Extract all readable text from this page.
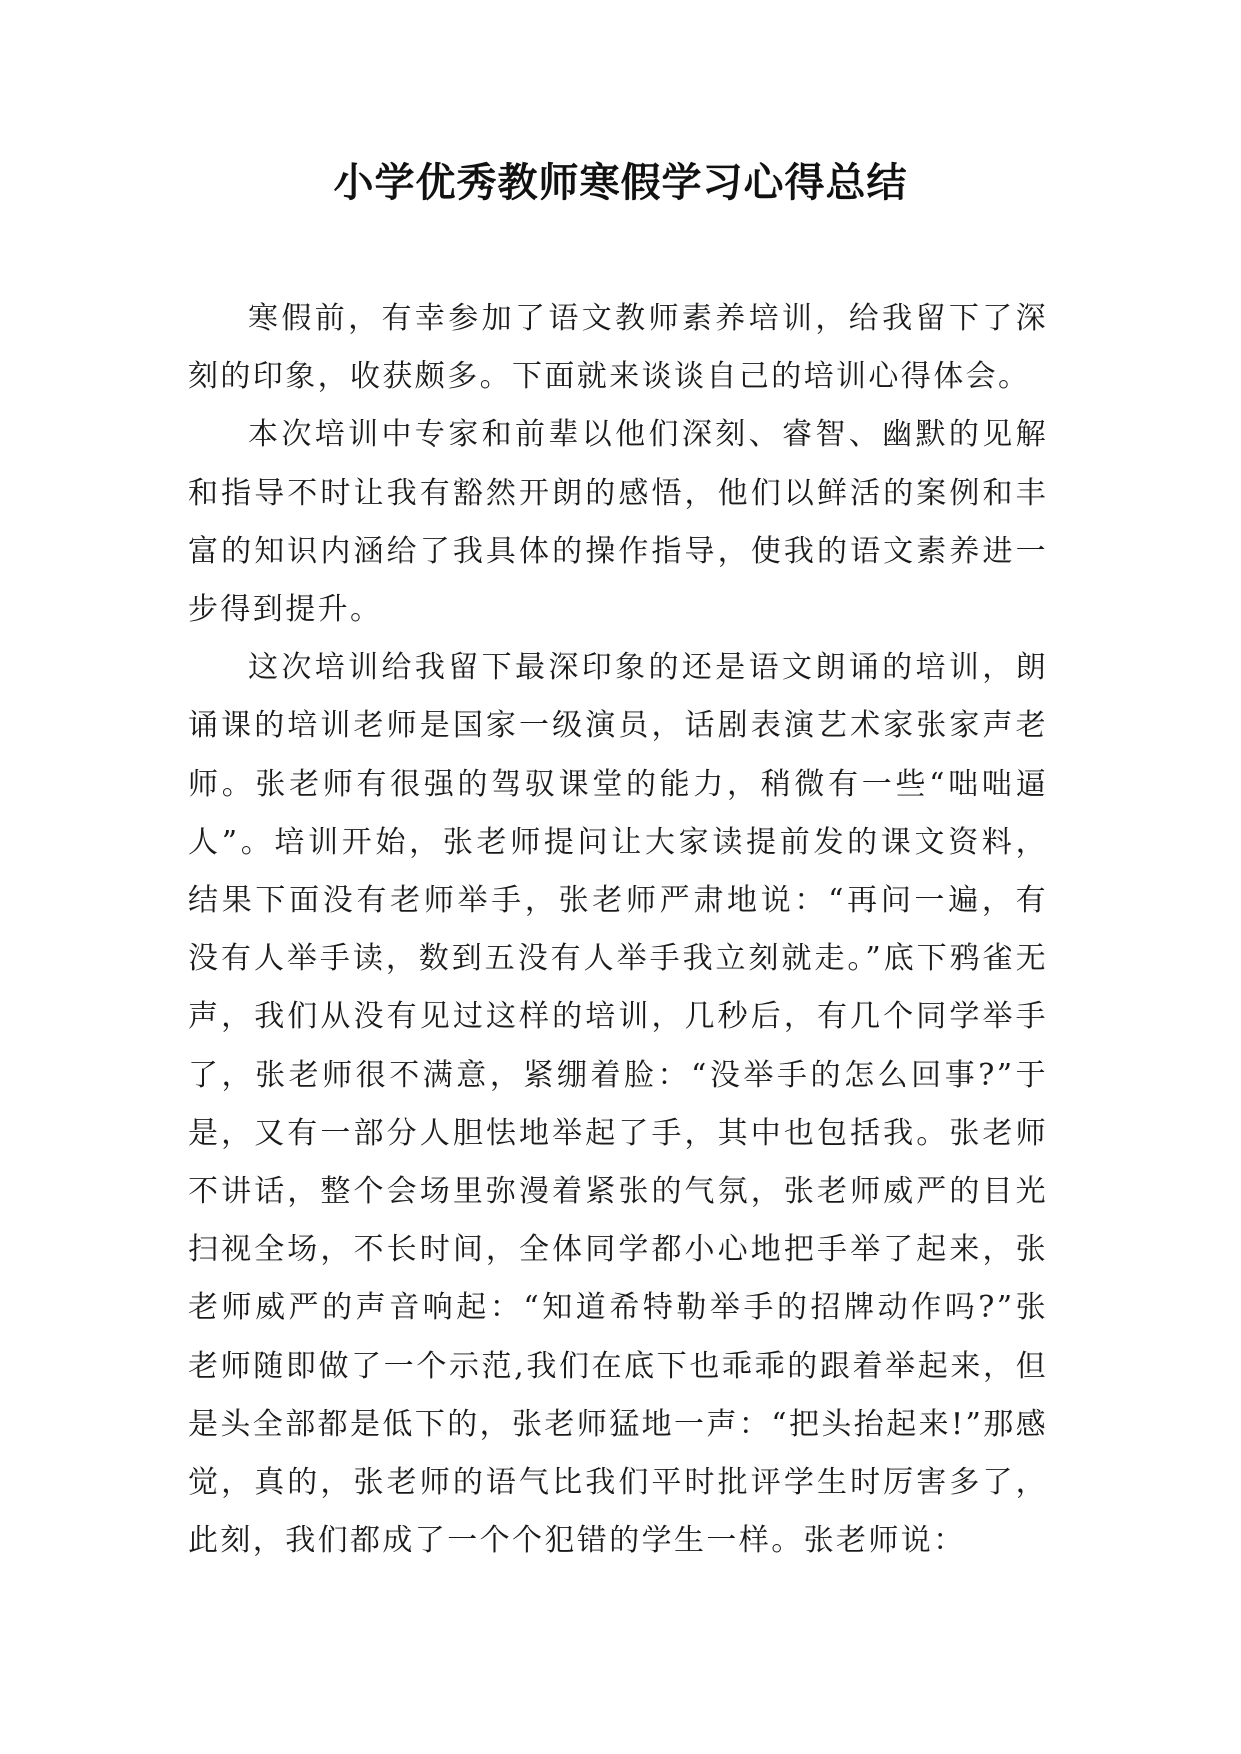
小学优秀教师寒假学习心得总结

寒假前，有幸参加了语文教师素养培训，给我留下了深刻的印象，收获颇多。下面就来谈谈自己的培训心得体会。

本次培训中专家和前辈以他们深刻、睿智、幽默的见解和指导不时让我有豁然开朗的感悟，他们以鲜活的案例和丰富的知识内涵给了我具体的操作指导，使我的语文素养进一步得到提升。

这次培训给我留下最深印象的还是语文朗诵的培训，朗诵课的培训老师是国家一级演员，话剧表演艺术家张家声老师。张老师有很强的驾驭课堂的能力，稍微有一些“咄咄逼人”。培训开始，张老师提问让大家读提前发的课文资料，结果下面没有老师举手，张老师严肃地说：“再问一遍，有没有人举手读，数到五没有人举手我立刻就走。”底下鸦雀无声，我们从没有见过这样的培训，几秒后，有几个同学举手了，张老师很不满意，紧绷着脸：“没举手的怎么回事?”于是，又有一部分人胆怯地举起了手，其中也包括我。张老师不讲话，整个会场里弥漫着紧张的气氛，张老师威严的目光扫视全场，不长时间，全体同学都小心地把手举了起来，张老师威严的声音响起：“知道希特勒举手的招牌动作吗?”张老师随即做了一个示范,我们在底下也乖乖的跟着举起来，但是头全部都是低下的，张老师猛地一声：“把头抬起来!”那感觉，真的，张老师的语气比我们平时批评学生时厉害多了，此刻，我们都成了一个个犯错的学生一样。张老师说：
